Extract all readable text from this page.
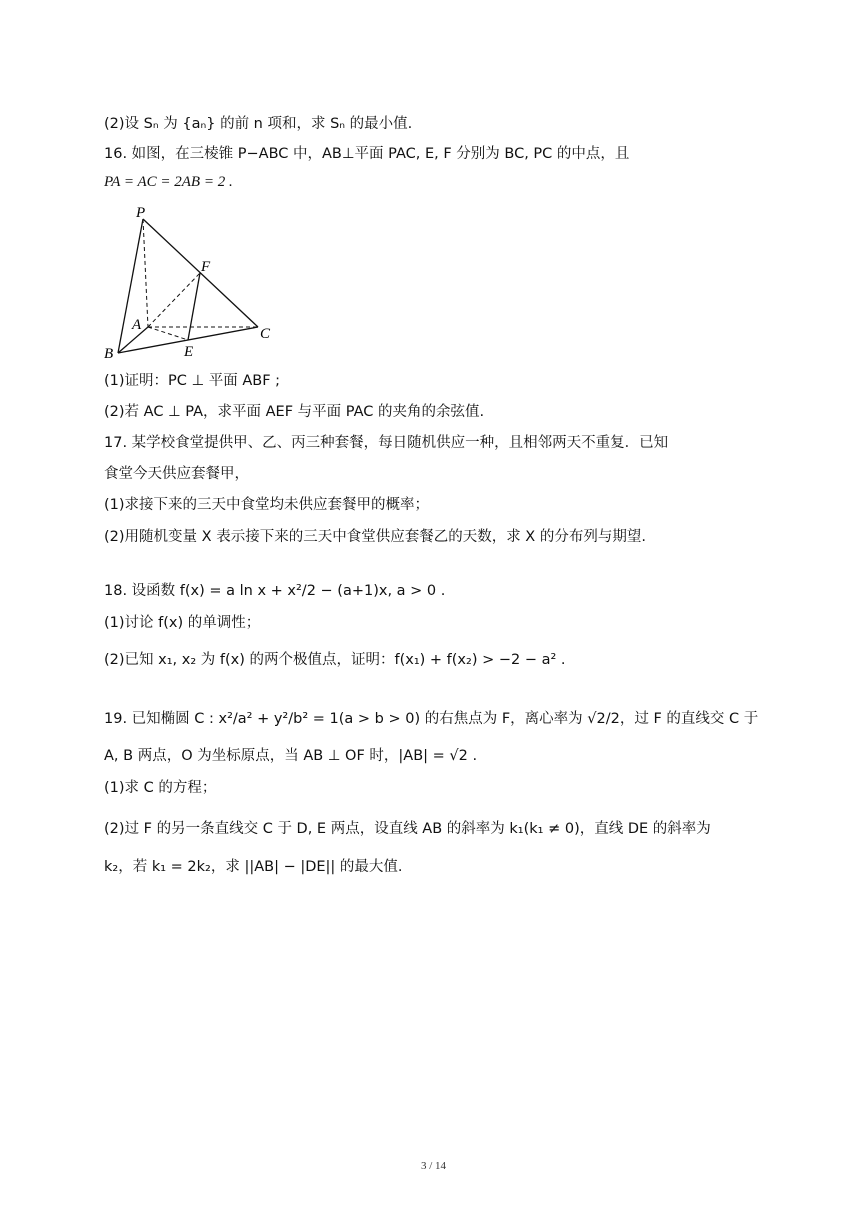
(2)设 Sₙ 为 {aₙ} 的前 n 项和，求 Sₙ 的最小值.
16. 如图，在三棱锥 P−ABC 中，AB⊥平面 PAC, E, F 分别为 BC, PC 的中点，且
PA = AC = 2AB = 2 .
P
F
A
C
B	E
(1)证明：PC ⊥ 平面 ABF ;
(2)若 AC ⊥ PA，求平面 AEF 与平面 PAC 的夹角的余弦值.
17. 某学校食堂提供甲、乙、丙三种套餐，每日随机供应一种，且相邻两天不重复．已知
食堂今天供应套餐甲，
(1)求接下来的三天中食堂均未供应套餐甲的概率；
(2)用随机变量 X 表示接下来的三天中食堂供应套餐乙的天数，求 X 的分布列与期望.
18. 设函数 f(x) = a ln x + x²/2 − (a+1)x, a > 0 .
(1)讨论 f(x) 的单调性；
(2)已知 x₁, x₂ 为 f(x) 的两个极值点，证明：f(x₁) + f(x₂) > −2 − a² .
19. 已知椭圆 C : x²/a² + y²/b² = 1(a > b > 0) 的右焦点为 F，离心率为 √2/2，过 F 的直线交 C 于
A, B 两点，O 为坐标原点，当 AB ⊥ OF 时，|AB| = √2 .
(1)求 C 的方程；
(2)过 F 的另一条直线交 C 于 D, E 两点，设直线 AB 的斜率为 k₁(k₁ ≠ 0)，直线 DE 的斜率为
k₂，若 k₁ = 2k₂，求 ||AB| − |DE|| 的最大值.
3 / 14
